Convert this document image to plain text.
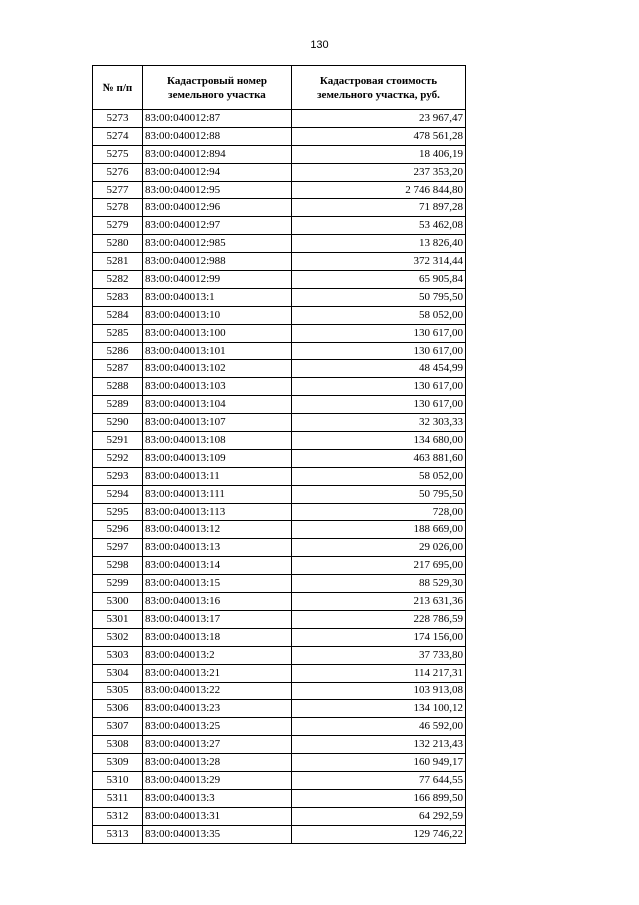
130
№ п/п	Кадастровый номер земельного участка	Кадастровая стоимость земельного участка, руб.
5273	83:00:040012:87	23 967,47
5274	83:00:040012:88	478 561,28
5275	83:00:040012:894	18 406,19
5276	83:00:040012:94	237 353,20
5277	83:00:040012:95	2 746 844,80
5278	83:00:040012:96	71 897,28
5279	83:00:040012:97	53 462,08
5280	83:00:040012:985	13 826,40
5281	83:00:040012:988	372 314,44
5282	83:00:040012:99	65 905,84
5283	83:00:040013:1	50 795,50
5284	83:00:040013:10	58 052,00
5285	83:00:040013:100	130 617,00
5286	83:00:040013:101	130 617,00
5287	83:00:040013:102	48 454,99
5288	83:00:040013:103	130 617,00
5289	83:00:040013:104	130 617,00
5290	83:00:040013:107	32 303,33
5291	83:00:040013:108	134 680,00
5292	83:00:040013:109	463 881,60
5293	83:00:040013:11	58 052,00
5294	83:00:040013:111	50 795,50
5295	83:00:040013:113	728,00
5296	83:00:040013:12	188 669,00
5297	83:00:040013:13	29 026,00
5298	83:00:040013:14	217 695,00
5299	83:00:040013:15	88 529,30
5300	83:00:040013:16	213 631,36
5301	83:00:040013:17	228 786,59
5302	83:00:040013:18	174 156,00
5303	83:00:040013:2	37 733,80
5304	83:00:040013:21	114 217,31
5305	83:00:040013:22	103 913,08
5306	83:00:040013:23	134 100,12
5307	83:00:040013:25	46 592,00
5308	83:00:040013:27	132 213,43
5309	83:00:040013:28	160 949,17
5310	83:00:040013:29	77 644,55
5311	83:00:040013:3	166 899,50
5312	83:00:040013:31	64 292,59
5313	83:00:040013:35	129 746,22
